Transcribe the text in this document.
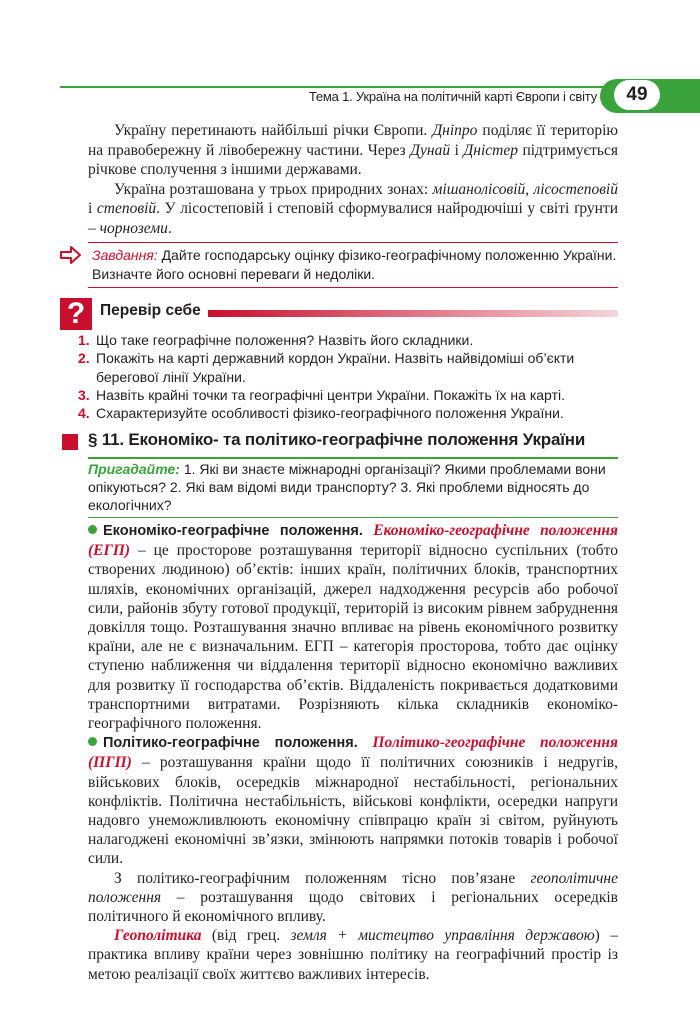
49
Тема 1. Україна на політичній карті Європи і світу

Україну перетинають найбільші річки Європи. Дніпро поділяє її територію на правобережну й лівобережну частини. Через Дунай і Дністер підтримується річкове сполучення з іншими державами.

Україна розташована у трьох природних зонах: мішанолісовій, лісостеповій і степовій. У лісостеповій і степовій сформувалися найродючіші у світі ґрунти – чорноземи.

Завдання: Дайте господарську оцінку фізико-географічному положенню України. Визначте його основні переваги й недоліки.
? Перевір себе
1. Що таке географічне положення? Назвіть його складники.
2. Покажіть на карті державний кордон України. Назвіть найвідоміші об’єкти берегової лінії України.
3. Назвіть крайні точки та географічні центри України. Покажіть їх на карті.
4. Схарактеризуйте особливості фізико-географічного положення України.
§ 11. Економіко- та політико-географічне положення України
Пригадайте: 1. Які ви знаєте міжнародні організації? Якими проблемами вони опікуються? 2. Які вам відомі види транспорту? 3. Які проблеми відносять до екологічних?

Економіко-географічне положення. Економіко-географічне положення (ЕГП) – це просторове розташування території відносно суспільних (тобто створених людиною) об’єктів: інших країн, політичних блоків, транспортних шляхів, економічних організацій, джерел надходження ресурсів або робочої сили, районів збуту готової продукції, територій із високим рівнем забруднення довкілля тощо. Розташування значно впливає на рівень економічного розвитку країни, але не є визначальним. ЕГП – категорія просторова, тобто дає оцінку ступеню наближення чи віддалення території відносно економічно важливих для розвитку її господарства об’єктів. Віддаленість покривається додатковими транспортними витратами. Розрізняють кілька складників економіко-географічного положення.

Політико-географічне положення. Політико-географічне положення (ПГП) – розташування країни щодо її політичних союзників і недругів, військових блоків, осередків міжнародної нестабільності, регіональних конфліктів. Політична нестабільність, військові конфлікти, осередки напруги надовго унеможливлюють економічну співпрацю країн зі світом, руйнують налагоджені економічні зв’язки, змінюють напрямки потоків товарів і робочої сили.

З політико-географічним положенням тісно пов’язане геополітичне положення – розташування щодо світових і регіональних осередків політичного й економічного впливу.

Геополітика (від грец. земля + мистецтво управління державою) – практика впливу країни через зовнішню політику на географічний простір із метою реалізації своїх життєво важливих інтересів.
